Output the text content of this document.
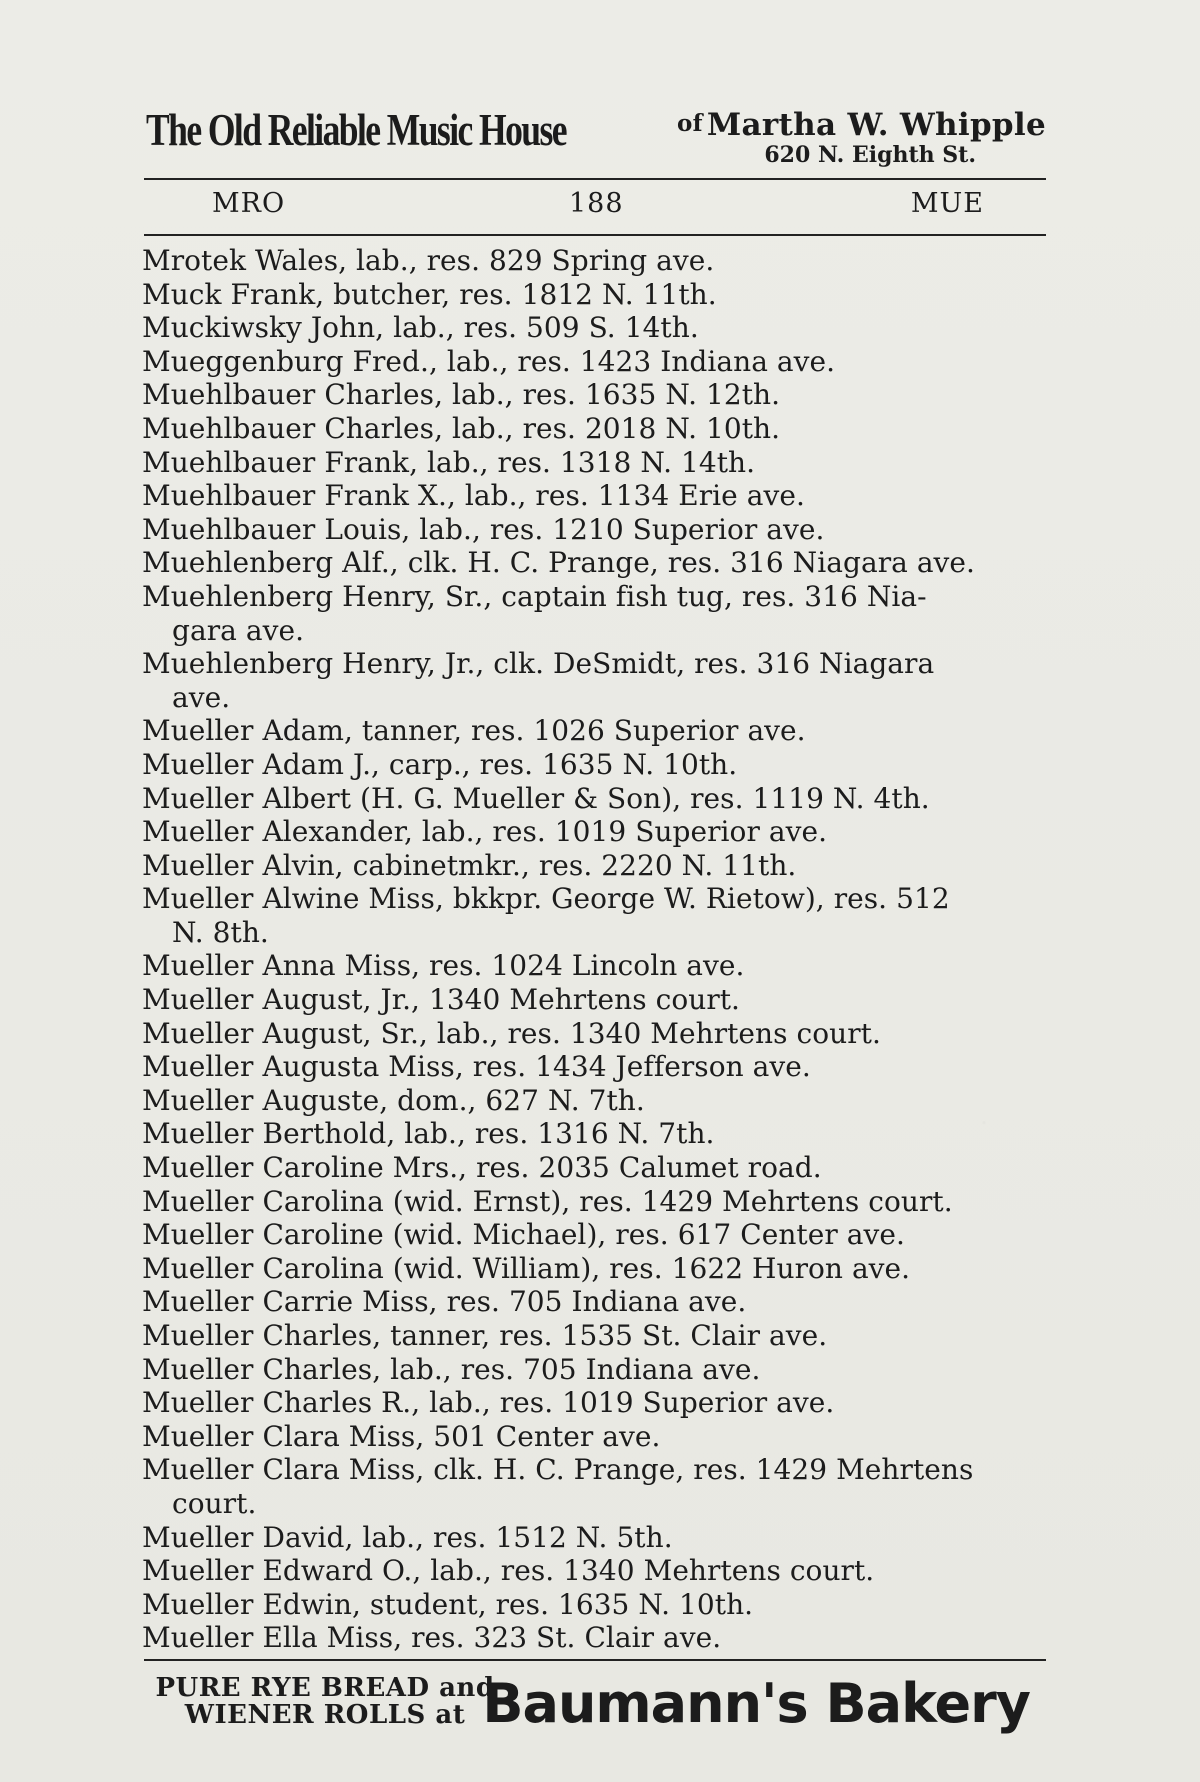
The Old Reliable Music House	of Martha W. Whipple
620 N. Eighth St.
MRO	188	MUE
Mrotek Wales, lab., res. 829 Spring ave.
Muck Frank, butcher, res. 1812 N. 11th.
Muckiwsky John, lab., res. 509 S. 14th.
Mueggenburg Fred., lab., res. 1423 Indiana ave.
Muehlbauer Charles, lab., res. 1635 N. 12th.
Muehlbauer Charles, lab., res. 2018 N. 10th.
Muehlbauer Frank, lab., res. 1318 N. 14th.
Muehlbauer Frank X., lab., res. 1134 Erie ave.
Muehlbauer Louis, lab., res. 1210 Superior ave.
Muehlenberg Alf., clk. H. C. Prange, res. 316 Niagara ave.
Muehlenberg Henry, Sr., captain fish tug, res. 316 Nia-
gara ave.
Muehlenberg Henry, Jr., clk. DeSmidt, res. 316 Niagara
ave.
Mueller Adam, tanner, res. 1026 Superior ave.
Mueller Adam J., carp., res. 1635 N. 10th.
Mueller Albert (H. G. Mueller & Son), res. 1119 N. 4th.
Mueller Alexander, lab., res. 1019 Superior ave.
Mueller Alvin, cabinetmkr., res. 2220 N. 11th.
Mueller Alwine Miss, bkkpr. George W. Rietow), res. 512
N. 8th.
Mueller Anna Miss, res. 1024 Lincoln ave.
Mueller August, Jr., 1340 Mehrtens court.
Mueller August, Sr., lab., res. 1340 Mehrtens court.
Mueller Augusta Miss, res. 1434 Jefferson ave.
Mueller Auguste, dom., 627 N. 7th.
Mueller Berthold, lab., res. 1316 N. 7th.
Mueller Caroline Mrs., res. 2035 Calumet road.
Mueller Carolina (wid. Ernst), res. 1429 Mehrtens court.
Mueller Caroline (wid. Michael), res. 617 Center ave.
Mueller Carolina (wid. William), res. 1622 Huron ave.
Mueller Carrie Miss, res. 705 Indiana ave.
Mueller Charles, tanner, res. 1535 St. Clair ave.
Mueller Charles, lab., res. 705 Indiana ave.
Mueller Charles R., lab., res. 1019 Superior ave.
Mueller Clara Miss, 501 Center ave.
Mueller Clara Miss, clk. H. C. Prange, res. 1429 Mehrtens
court.
Mueller David, lab., res. 1512 N. 5th.
Mueller Edward O., lab., res. 1340 Mehrtens court.
Mueller Edwin, student, res. 1635 N. 10th.
Mueller Ella Miss, res. 323 St. Clair ave.
PURE RYE BREAD and
WIENER ROLLS at Baumann's Bakery
